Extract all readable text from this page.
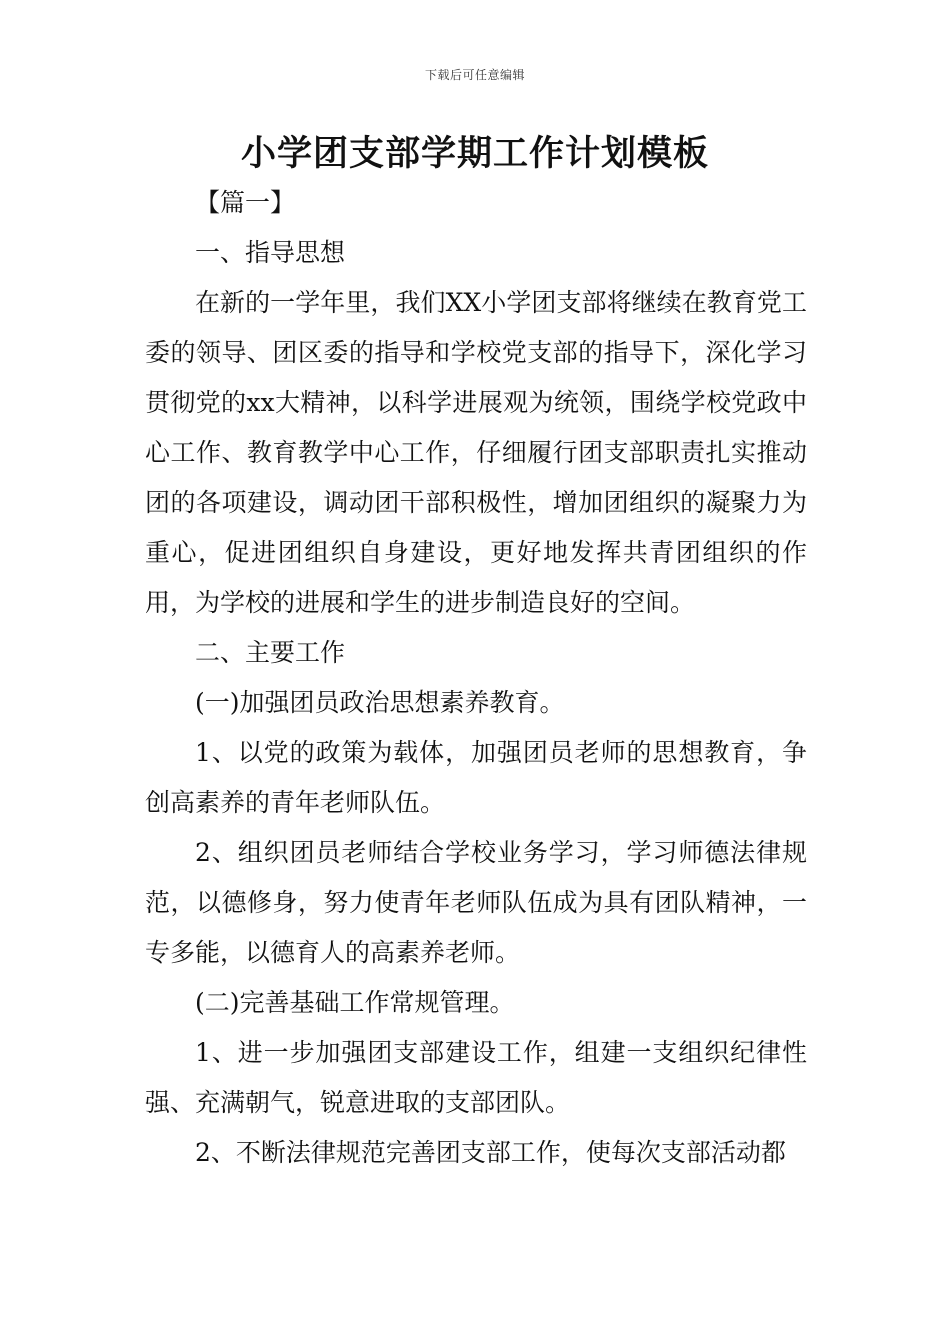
下载后可任意编辑
小学团支部学期工作计划模板

【篇一】

一、指导思想

在新的一学年里，我们XX小学团支部将继续在教育党工委的领导、团区委的指导和学校党支部的指导下，深化学习贯彻党的xx大精神，以科学进展观为统领，围绕学校党政中心工作、教育教学中心工作，仔细履行团支部职责扎实推动团的各项建设，调动团干部积极性，增加团组织的凝聚力为重心，促进团组织自身建设，更好地发挥共青团组织的作用，为学校的进展和学生的进步制造良好的空间。

二、主要工作

(一)加强团员政治思想素养教育。

1、以党的政策为载体，加强团员老师的思想教育，争创高素养的青年老师队伍。

2、组织团员老师结合学校业务学习，学习师德法律规范，以德修身，努力使青年老师队伍成为具有团队精神，一专多能，以德育人的高素养老师。

(二)完善基础工作常规管理。

1、进一步加强团支部建设工作，组建一支组织纪律性强、充满朝气，锐意进取的支部团队。

2、不断法律规范完善团支部工作，使每次支部活动都
